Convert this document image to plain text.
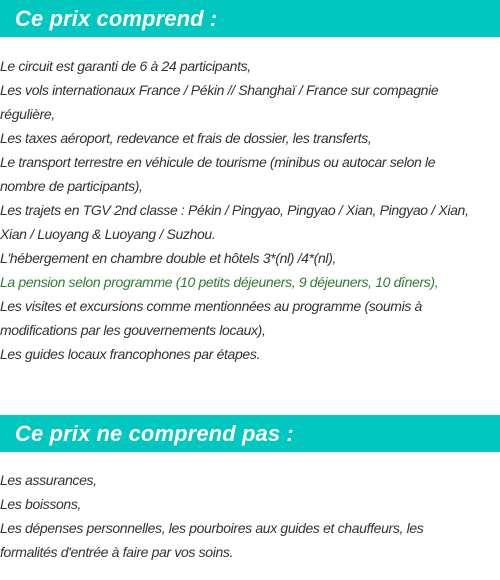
Ce prix comprend :
Le circuit est garanti de 6 à 24 participants,
Les vols internationaux France / Pékin // Shanghaï / France sur compagnie
régulière,
Les taxes aéroport, redevance et frais de dossier, les transferts,
Le transport terrestre en véhicule de tourisme (minibus ou autocar selon le
nombre de participants),
Les trajets en TGV 2nd classe : Pékin / Pingyao, Pingyao / Xian, Pingyao / Xian,
Xian / Luoyang & Luoyang / Suzhou.
L'hébergement en chambre double et hôtels 3*(nl) /4*(nl),
La pension selon programme (10 petits déjeuners, 9 déjeuners, 10 dîners),
Les visites et excursions comme mentionnées au programme (soumis à
modifications par les gouvernements locaux),
Les guides locaux francophones par étapes.
Ce prix ne comprend pas :
Les assurances,
Les boissons,
Les dépenses personnelles, les pourboires aux guides et chauffeurs, les
formalités d'entrée à faire par vos soins.
